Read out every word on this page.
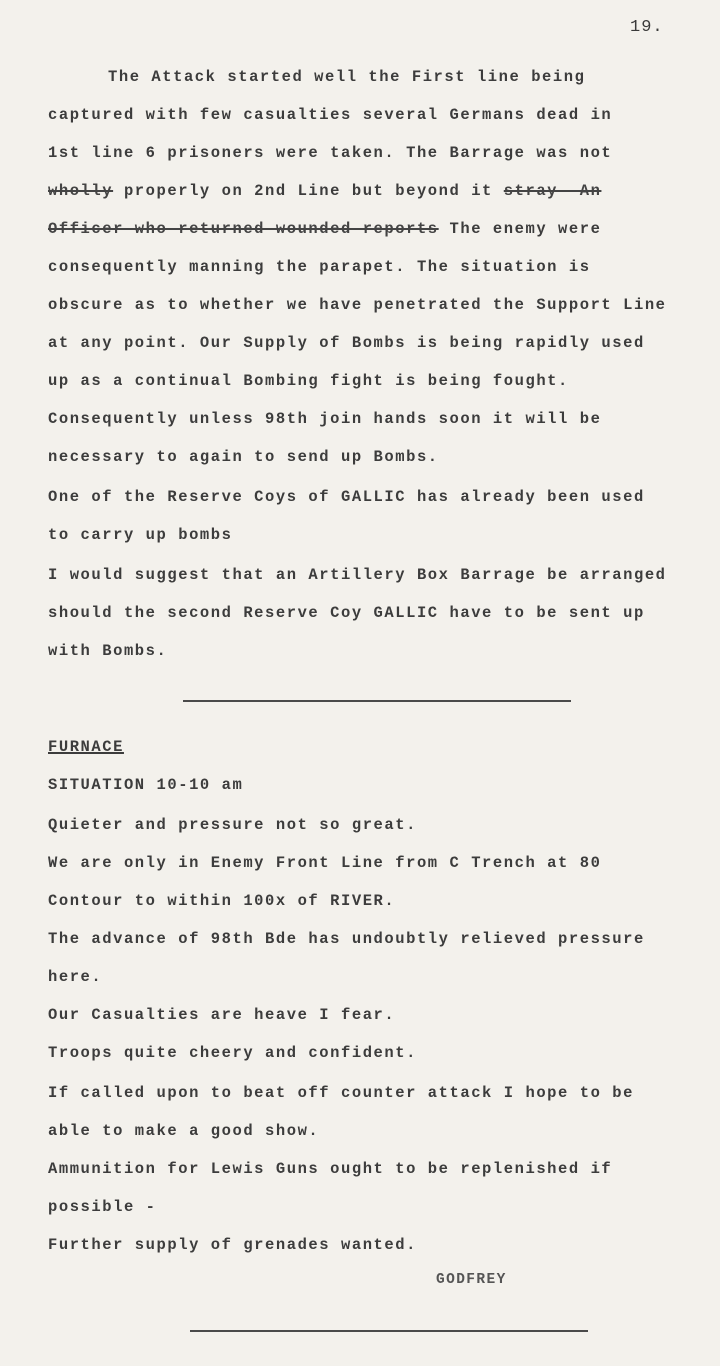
19.
The Attack started well the First line being
captured with few casualties several Germans dead in
1st line 6 prisoners were taken. The Barrage was not
wholly properly on 2nd Line but beyond it stray--An
Officer-who-returned-wounded-reports The enemy were
consequently manning the parapet. The situation is
obscure as to whether we have penetrated the Support Line
at any point. Our Supply of Bombs is being rapidly used
up as a continual Bombing fight is being fought.
Consequently unless 98th join hands soon it will be
necessary to again to send up Bombs.
One of the Reserve Coys of GALLIC has already been used
to carry up bombs
I would suggest that an Artillery Box Barrage be arranged
should the second Reserve Coy GALLIC have to be sent up
with Bombs.
FURNACE
SITUATION 10-10 am
Quieter and pressure not so great.
We are only in Enemy Front Line from C Trench at 80
Contour to within 100x of RIVER.
The advance of 98th Bde has undoubtly relieved pressure
here.
Our Casualties are heave I fear.
Troops quite cheery and confident.
If called upon to beat off counter attack I hope to be
able to make a good show.
Ammunition for Lewis Guns ought to be replenished if
possible -
Further supply of grenades wanted.
GODFREY
